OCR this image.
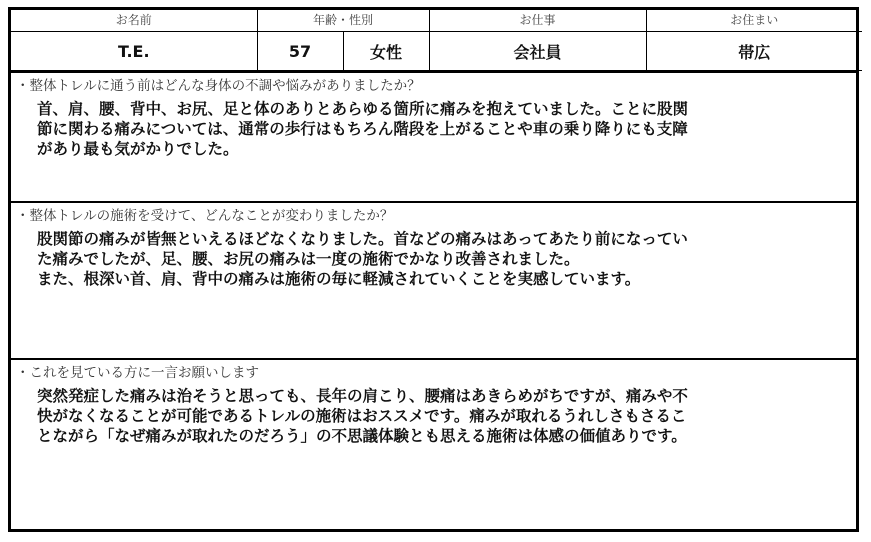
お名前	年齢・性別		お仕事	お住まい
T.E.	57	女性	会社員	帯広
・整体トレルに通う前はどんな身体の不調や悩みがありましたか？
首、肩、腰、背中、お尻、足と体のありとあらゆる箇所に痛みを抱えていました。ことに股関
節に関わる痛みについては、通常の歩行はもちろん階段を上がることや車の乗り降りにも支障
があり最も気がかりでした。
・整体トレルの施術を受けて、どんなことが変わりましたか？
股関節の痛みが皆無といえるほどなくなりました。首などの痛みはあってあたり前になってい
た痛みでしたが、足、腰、お尻の痛みは一度の施術でかなり改善されました。
また、根深い首、肩、背中の痛みは施術の毎に軽減されていくことを実感しています。
・これを見ている方に一言お願いします
突然発症した痛みは治そうと思っても、長年の肩こり、腰痛はあきらめがちですが、痛みや不
快がなくなることが可能であるトレルの施術はおススメです。痛みが取れるうれしさもさるこ
とながら「なぜ痛みが取れたのだろう」の不思議体験とも思える施術は体感の価値ありです。
